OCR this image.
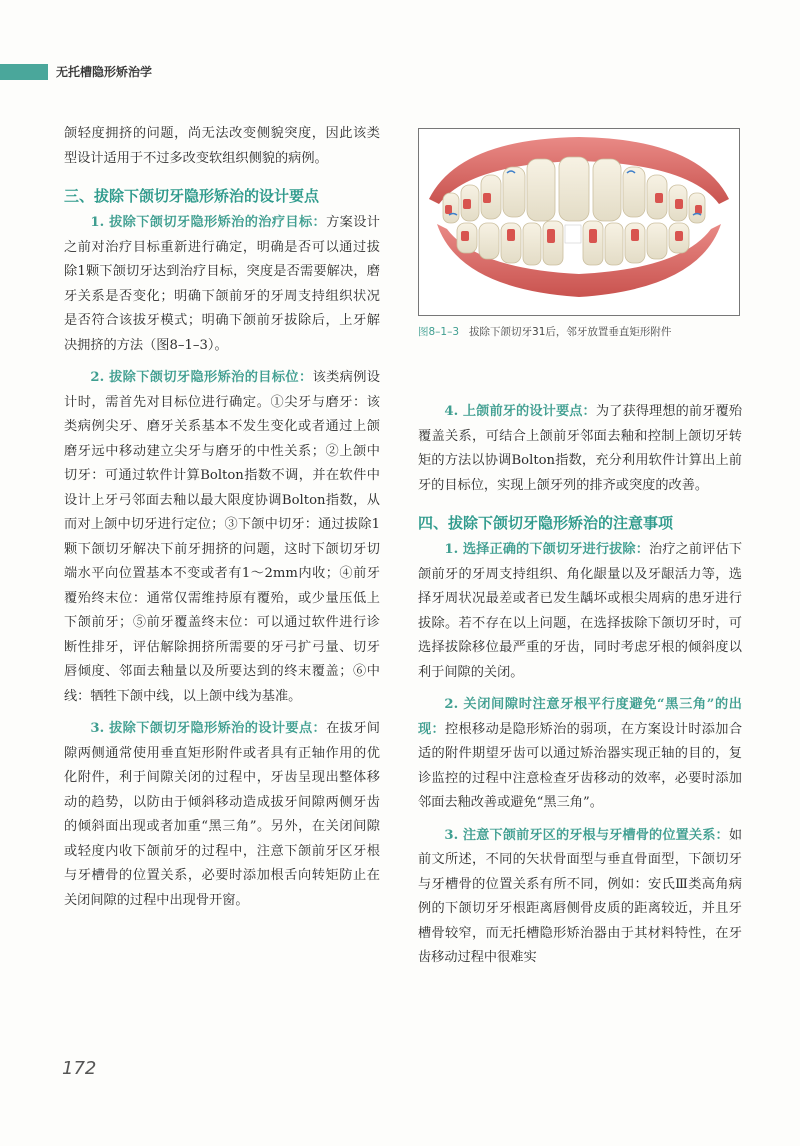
无托槽隐形矫治学

颌轻度拥挤的问题，尚无法改变侧貌突度，因此该类型设计适用于不过多改变软组织侧貌的病例。

三、拔除下颌切牙隐形矫治的设计要点

1. 拔除下颌切牙隐形矫治的治疗目标：方案设计之前对治疗目标重新进行确定，明确是否可以通过拔除1颗下颌切牙达到治疗目标，突度是否需要解决，磨牙关系是否变化；明确下颌前牙的牙周支持组织状况是否符合该拔牙模式；明确下颌前牙拔除后，上牙解决拥挤的方法（图8–1–3）。

2. 拔除下颌切牙隐形矫治的目标位：该类病例设计时，需首先对目标位进行确定。①尖牙与磨牙：该类病例尖牙、磨牙关系基本不发生变化或者通过上颌磨牙远中移动建立尖牙与磨牙的中性关系；②上颌中切牙：可通过软件计算Bolton指数不调，并在软件中设计上牙弓邻面去釉以最大限度协调Bolton指数，从而对上颌中切牙进行定位；③下颌中切牙：通过拔除1颗下颌切牙解决下前牙拥挤的问题，这时下颌切牙切端水平向位置基本不变或者有1～2mm内收；④前牙覆殆终末位：通常仅需维持原有覆殆，或少量压低上下颌前牙；⑤前牙覆盖终末位：可以通过软件进行诊断性排牙，评估解除拥挤所需要的牙弓扩弓量、切牙唇倾度、邻面去釉量以及所要达到的终末覆盖；⑥中线：牺牲下颌中线，以上颌中线为基准。

3. 拔除下颌切牙隐形矫治的设计要点：在拔牙间隙两侧通常使用垂直矩形附件或者具有正轴作用的优化附件，利于间隙关闭的过程中，牙齿呈现出整体移动的趋势，以防由于倾斜移动造成拔牙间隙两侧牙齿的倾斜面出现或者加重“黑三角”。另外，在关闭间隙或轻度内收下颌前牙的过程中，注意下颌前牙区牙根与牙槽骨的位置关系，必要时添加根舌向转矩防止在关闭间隙的过程中出现骨开窗。

图8–1–3 拔除下颌切牙31后，邻牙放置垂直矩形附件

4. 上颌前牙的设计要点：为了获得理想的前牙覆殆覆盖关系，可结合上颌前牙邻面去釉和控制上颌切牙转矩的方法以协调Bolton指数，充分利用软件计算出上前牙的目标位，实现上颌牙列的排齐或突度的改善。

四、拔除下颌切牙隐形矫治的注意事项

1. 选择正确的下颌切牙进行拔除：治疗之前评估下颌前牙的牙周支持组织、角化龈量以及牙龈活力等，选择牙周状况最差或者已发生龋坏或根尖周病的患牙进行拔除。若不存在以上问题，在选择拔除下颌切牙时，可选择拔除移位最严重的牙齿，同时考虑牙根的倾斜度以利于间隙的关闭。

2. 关闭间隙时注意牙根平行度避免“黑三角”的出现：控根移动是隐形矫治的弱项，在方案设计时添加合适的附件期望牙齿可以通过矫治器实现正轴的目的，复诊监控的过程中注意检查牙齿移动的效率，必要时添加邻面去釉改善或避免“黑三角”。

3. 注意下颌前牙区的牙根与牙槽骨的位置关系：如前文所述，不同的矢状骨面型与垂直骨面型，下颌切牙与牙槽骨的位置关系有所不同，例如：安氏Ⅲ类高角病例的下颌切牙牙根距离唇侧骨皮质的距离较近，并且牙槽骨较窄，而无托槽隐形矫治器由于其材料特性，在牙齿移动过程中很难实

172
